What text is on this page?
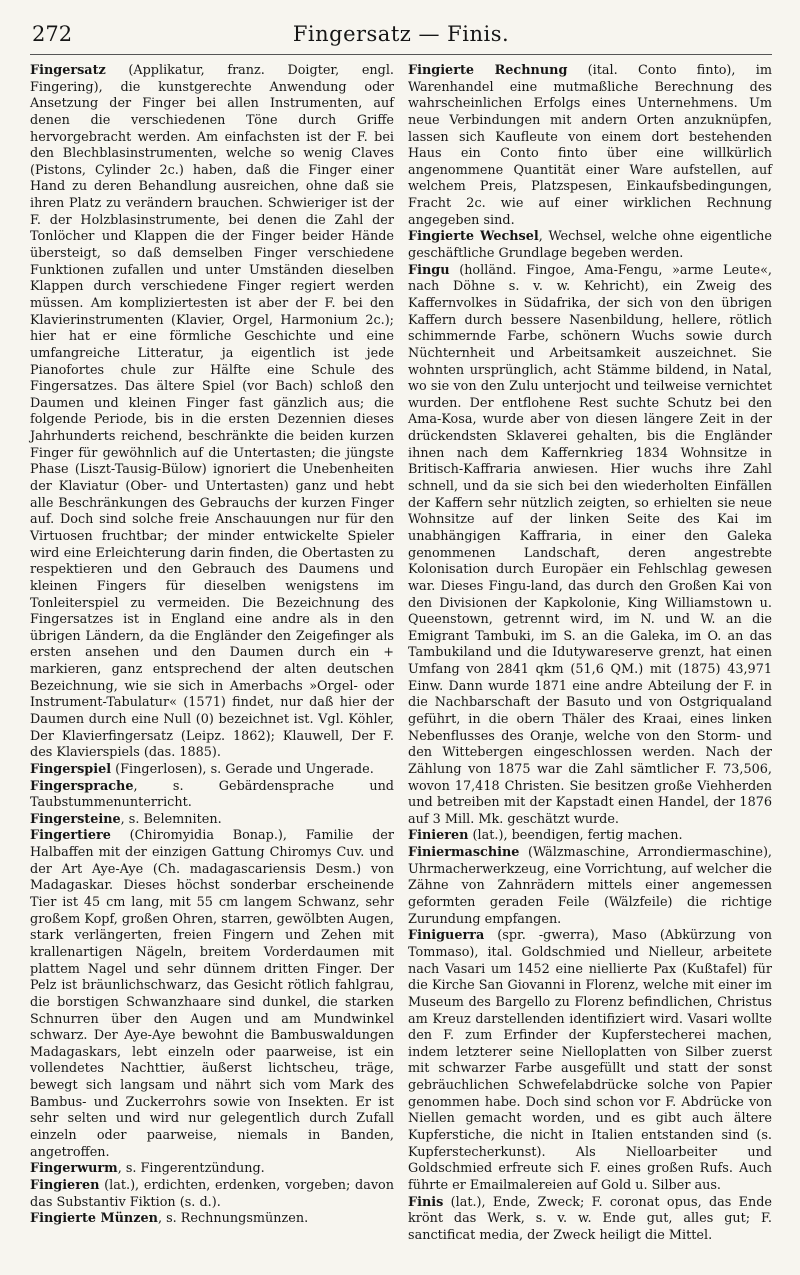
272	Fingersatz — Finis.

Fingersatz (Applikatur, franz. Doigter, engl. Fingering), die kunstgerechte Anwendung oder Ansetzung der Finger bei allen Instrumenten, auf denen die verschiedenen Töne durch Griffe hervorgebracht werden. Am einfachsten ist der F. bei den Blechblasinstrumenten, welche so wenig Claves (Pistons, Cylinder 2c.) haben, daß die Finger einer Hand zu deren Behandlung ausreichen, ohne daß sie ihren Platz zu verändern brauchen. Schwieriger ist der F. der Holzblasinstrumente, bei denen die Zahl der Tonlöcher und Klappen die der Finger beider Hände übersteigt, so daß demselben Finger verschiedene Funktionen zufallen und unter Umständen dieselben Klappen durch verschiedene Finger regiert werden müssen. Am kompliziertesten ist aber der F. bei den Klavierinstrumenten (Klavier, Orgel, Harmonium 2c.); hier hat er eine förmliche Geschichte und eine umfangreiche Litteratur, ja eigentlich ist jede Pianofortes chule zur Hälfte eine Schule des Fingersatzes. Das ältere Spiel (vor Bach) schloß den Daumen und kleinen Finger fast gänzlich aus; die folgende Periode, bis in die ersten Dezennien dieses Jahrhunderts reichend, beschränkte die beiden kurzen Finger für gewöhnlich auf die Untertasten; die jüngste Phase (Liszt-Tausig-Bülow) ignoriert die Unebenheiten der Klaviatur (Ober- und Untertasten) ganz und hebt alle Beschränkungen des Gebrauchs der kurzen Finger auf. Doch sind solche freie Anschauungen nur für den Virtuosen fruchtbar; der minder entwickelte Spieler wird eine Erleichterung darin finden, die Obertasten zu respektieren und den Gebrauch des Daumens und kleinen Fingers für dieselben wenigstens im Tonleiterspiel zu vermeiden. Die Bezeichnung des Fingersatzes ist in England eine andre als in den übrigen Ländern, da die Engländer den Zeigefinger als ersten ansehen und den Daumen durch ein + markieren, ganz entsprechend der alten deutschen Bezeichnung, wie sie sich in Amerbachs »Orgel- oder Instrument-Tabulatur« (1571) findet, nur daß hier der Daumen durch eine Null (0) bezeichnet ist. Vgl. Köhler, Der Klavierfingersatz (Leipz. 1862); Klauwell, Der F. des Klavierspiels (das. 1885).

Fingerspiel (Fingerlosen), s. Gerade und Ungerade.

Fingersprache, s. Gebärdensprache und Taubstummenunterricht.

Fingersteine, s. Belemniten.

Fingertiere (Chiromyidia Bonap.), Familie der Halbaffen mit der einzigen Gattung Chiromys Cuv. und der Art Aye-Aye (Ch. madagascariensis Desm.) von Madagaskar. Dieses höchst sonderbar erscheinende Tier ist 45 cm lang, mit 55 cm langem Schwanz, sehr großem Kopf, großen Ohren, starren, gewölbten Augen, stark verlängerten, freien Fingern und Zehen mit krallenartigen Nägeln, breitem Vorderdaumen mit plattem Nagel und sehr dünnem dritten Finger. Der Pelz ist bräunlichschwarz, das Gesicht rötlich fahlgrau, die borstigen Schwanzhaare sind dunkel, die starken Schnurren über den Augen und am Mundwinkel schwarz. Der Aye-Aye bewohnt die Bambuswaldungen Madagaskars, lebt einzeln oder paarweise, ist ein vollendetes Nachttier, äußerst lichtscheu, träge, bewegt sich langsam und nährt sich vom Mark des Bambus- und Zuckerrohrs sowie von Insekten. Er ist sehr selten und wird nur gelegentlich durch Zufall einzeln oder paarweise, niemals in Banden, angetroffen.

Fingerwurm, s. Fingerentzündung.

Fingieren (lat.), erdichten, erdenken, vorgeben; davon das Substantiv Fiktion (s. d.).

Fingierte Münzen, s. Rechnungsmünzen.

Fingierte Rechnung (ital. Conto finto), im Warenhandel eine mutmaßliche Berechnung des wahrscheinlichen Erfolgs eines Unternehmens. Um neue Verbindungen mit andern Orten anzuknüpfen, lassen sich Kaufleute von einem dort bestehenden Haus ein Conto finto über eine willkürlich angenommene Quantität einer Ware aufstellen, auf welchem Preis, Platzspesen, Einkaufsbedingungen, Fracht 2c. wie auf einer wirklichen Rechnung angegeben sind.

Fingierte Wechsel, Wechsel, welche ohne eigentliche geschäftliche Grundlage begeben werden.

Fingu (holländ. Fingoe, Ama-Fengu, »arme Leute«, nach Döhne s. v. w. Kehricht), ein Zweig des Kaffernvolkes in Südafrika, der sich von den übrigen Kaffern durch bessere Nasenbildung, hellere, rötlich schimmernde Farbe, schönern Wuchs sowie durch Nüchternheit und Arbeitsamkeit auszeichnet. Sie wohnten ursprünglich, acht Stämme bildend, in Natal, wo sie von den Zulu unterjocht und teilweise vernichtet wurden. Der entflohene Rest suchte Schutz bei den Ama-Kosa, wurde aber von diesen längere Zeit in der drückendsten Sklaverei gehalten, bis die Engländer ihnen nach dem Kaffernkrieg 1834 Wohnsitze in Britisch-Kaffraria anwiesen. Hier wuchs ihre Zahl schnell, und da sie sich bei den wiederholten Einfällen der Kaffern sehr nützlich zeigten, so erhielten sie neue Wohnsitze auf der linken Seite des Kai im unabhängigen Kaffraria, in einer den Galeka genommenen Landschaft, deren angestrebte Kolonisation durch Europäer ein Fehlschlag gewesen war. Dieses Fingu-land, das durch den Großen Kai von den Divisionen der Kapkolonie, King Williamstown u. Queenstown, getrennt wird, im N. und W. an die Emigrant Tambuki, im S. an die Galeka, im O. an das Tambukiland und die Idutywareserve grenzt, hat einen Umfang von 2841 qkm (51,6 QM.) mit (1875) 43,971 Einw. Dann wurde 1871 eine andre Abteilung der F. in die Nachbarschaft der Basuto und von Ostgriqualand geführt, in die obern Thäler des Kraai, eines linken Nebenflusses des Oranje, welche von den Storm- und den Wittebergen eingeschlossen werden. Nach der Zählung von 1875 war die Zahl sämtlicher F. 73,506, wovon 17,418 Christen. Sie besitzen große Viehherden und betreiben mit der Kapstadt einen Handel, der 1876 auf 3 Mill. Mk. geschätzt wurde.

Finieren (lat.), beendigen, fertig machen.

Finiermaschine (Wälzmaschine, Arrondiermaschine), Uhrmacherwerkzeug, eine Vorrichtung, auf welcher die Zähne von Zahnrädern mittels einer angemessen geformten geraden Feile (Wälzfeile) die richtige Zurundung empfangen.

Finiguerra (spr. -gwerra), Maso (Abkürzung von Tommaso), ital. Goldschmied und Nielleur, arbeitete nach Vasari um 1452 eine niellierte Pax (Kußtafel) für die Kirche San Giovanni in Florenz, welche mit einer im Museum des Bargello zu Florenz befindlichen, Christus am Kreuz darstellenden identifiziert wird. Vasari wollte den F. zum Erfinder der Kupferstecherei machen, indem letzterer seine Nielloplatten von Silber zuerst mit schwarzer Farbe ausgefüllt und statt der sonst gebräuchlichen Schwefelabdrücke solche von Papier genommen habe. Doch sind schon vor F. Abdrücke von Niellen gemacht worden, und es gibt auch ältere Kupferstiche, die nicht in Italien entstanden sind (s. Kupferstecherkunst). Als Nielloarbeiter und Goldschmied erfreute sich F. eines großen Rufs. Auch führte er Emailmalereien auf Gold u. Silber aus.

Finis (lat.), Ende, Zweck; F. coronat opus, das Ende krönt das Werk, s. v. w. Ende gut, alles gut; F. sanctificat media, der Zweck heiligt die Mittel.
